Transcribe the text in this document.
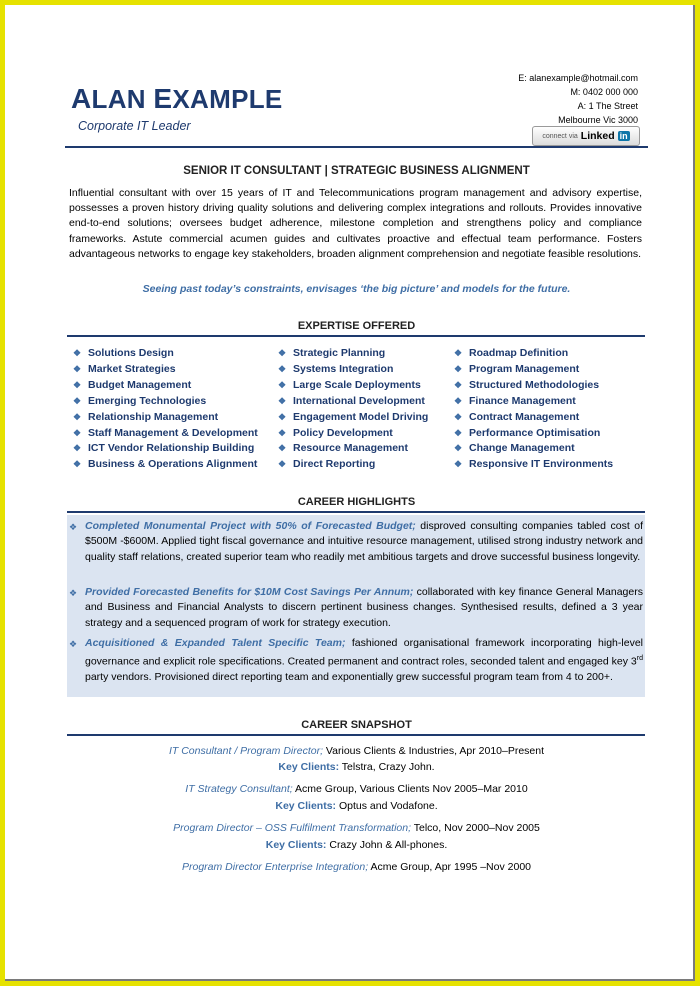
ALAN EXAMPLE
Corporate IT Leader
E: alanexample@hotmail.com
M: 0402 000 000
A: 1 The Street
Melbourne Vic 3000
connect via Linked in
SENIOR IT CONSULTANT | STRATEGIC BUSINESS ALIGNMENT
Influential consultant with over 15 years of IT and Telecommunications program management and advisory expertise, possesses a proven history driving quality solutions and delivering complex integrations and rollouts. Provides innovative end-to-end solutions; oversees budget adherence, milestone completion and strengthens policy and compliance frameworks. Astute commercial acumen guides and cultivates proactive and effectual team performance. Fosters advantageous networks to engage key stakeholders, broaden alignment comprehension and negotiate feasible resolutions.
Seeing past today’s constraints, envisages ‘the big picture’ and models for the future.
EXPERTISE OFFERED
❖ Solutions Design
❖ Market Strategies
❖ Budget Management
❖ Emerging Technologies
❖ Relationship Management
❖ Staff Management & Development
❖ ICT Vendor Relationship Building
❖ Business & Operations Alignment
❖ Strategic Planning
❖ Systems Integration
❖ Large Scale Deployments
❖ International Development
❖ Engagement Model Driving
❖ Policy Development
❖ Resource Management
❖ Direct Reporting
❖ Roadmap Definition
❖ Program Management
❖ Structured Methodologies
❖ Finance Management
❖ Contract Management
❖ Performance Optimisation
❖ Change Management
❖ Responsive IT Environments
CAREER HIGHLIGHTS
❖ Completed Monumental Project with 50% of Forecasted Budget; disproved consulting companies tabled cost of $500M -$600M. Applied tight fiscal governance and intuitive resource management, utilised strong industry network and quality staff relations, created superior team who readily met ambitious targets and drove successful business longevity.
❖ Provided Forecasted Benefits for $10M Cost Savings Per Annum; collaborated with key finance General Managers and Business and Financial Analysts to discern pertinent business changes. Synthesised results, defined a 3 year strategy and a sequenced program of work for strategy execution.
❖ Acquisitioned & Expanded Talent Specific Team; fashioned organisational framework incorporating high-level governance and explicit role specifications. Created permanent and contract roles, seconded talent and engaged key 3rd party vendors. Provisioned direct reporting team and exponentially grew successful program team from 4 to 200+.
CAREER SNAPSHOT
IT Consultant / Program Director; Various Clients & Industries, Apr 2010–Present
Key Clients: Telstra, Crazy John.
IT Strategy Consultant; Acme Group, Various Clients Nov 2005–Mar 2010
Key Clients: Optus and Vodafone.
Program Director – OSS Fulfilment Transformation; Telco, Nov 2000–Nov 2005
Key Clients: Crazy John & All-phones.
Program Director Enterprise Integration; Acme Group, Apr 1995 –Nov 2000
